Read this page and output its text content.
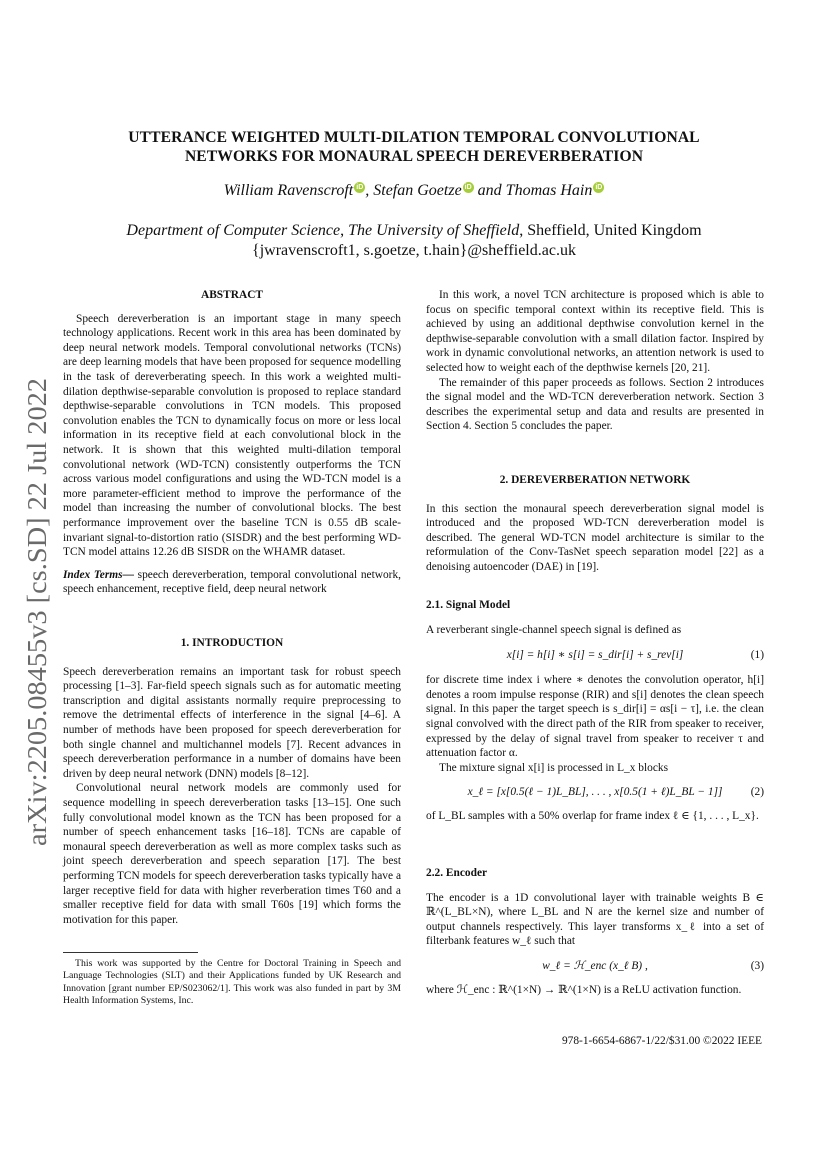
arXiv:2205.08455v3 [cs.SD] 22 Jul 2022
UTTERANCE WEIGHTED MULTI-DILATION TEMPORAL CONVOLUTIONAL
NETWORKS FOR MONAURAL SPEECH DEREVERBERATION
William Ravenscroft iD , Stefan Goetze iD and Thomas Hain iD
Department of Computer Science, The University of Sheffield, Sheffield, United Kingdom
{jwravenscroft1, s.goetze, t.hain}@sheffield.ac.uk
ABSTRACT

Speech dereverberation is an important stage in many speech technology applications. Recent work in this area has been dominated by deep neural network models. Temporal convolutional networks (TCNs) are deep learning models that have been proposed for sequence modelling in the task of dereverberating speech. In this work a weighted multi-dilation depthwise-separable convolution is proposed to replace standard depthwise-separable convolutions in TCN models. This proposed convolution enables the TCN to dynamically focus on more or less local information in its receptive field at each convolutional block in the network. It is shown that this weighted multi-dilation temporal convolutional network (WD-TCN) consistently outperforms the TCN across various model configurations and using the WD-TCN model is a more parameter-efficient method to improve the performance of the model than increasing the number of convolutional blocks. The best performance improvement over the baseline TCN is 0.55 dB scale-invariant signal-to-distortion ratio (SISDR) and the best performing WD-TCN model attains 12.26 dB SISDR on the WHAMR dataset.

Index Terms— speech dereverberation, temporal convolutional network, speech enhancement, receptive field, deep neural network

1. INTRODUCTION

Speech dereverberation remains an important task for robust speech processing [1–3]. Far-field speech signals such as for automatic meeting transcription and digital assistants normally require preprocessing to remove the detrimental effects of interference in the signal [4–6]. A number of methods have been proposed for speech dereverberation for both single channel and multichannel models [7]. Recent advances in speech dereverberation performance in a number of domains have been driven by deep neural network (DNN) models [8–12].

Convolutional neural network models are commonly used for sequence modelling in speech dereverberation tasks [13–15]. One such fully convolutional model known as the TCN has been proposed for a number of speech enhancement tasks [16–18]. TCNs are capable of monaural speech dereverberation as well as more complex tasks such as joint speech dereverberation and speech separation [17]. The best performing TCN models for speech dereverberation tasks typically have a larger receptive field for data with higher reverberation times T60 and a smaller receptive field for data with small T60s [19] which forms the motivation for this paper.

This work was supported by the Centre for Doctoral Training in Speech and Language Technologies (SLT) and their Applications funded by UK Research and Innovation [grant number EP/S023062/1]. This work was also funded in part by 3M Health Information Systems, Inc.

In this work, a novel TCN architecture is proposed which is able to focus on specific temporal context within its receptive field. This is achieved by using an additional depthwise convolution kernel in the depthwise-separable convolution with a small dilation factor. Inspired by work in dynamic convolutional networks, an attention network is used to selected how to weight each of the depthwise kernels [20, 21].

The remainder of this paper proceeds as follows. Section 2 introduces the signal model and the WD-TCN dereverberation network. Section 3 describes the experimental setup and data and results are presented in Section 4. Section 5 concludes the paper.

2. DEREVERBERATION NETWORK

In this section the monaural speech dereverberation signal model is introduced and the proposed WD-TCN dereverberation model is described. The general WD-TCN model architecture is similar to the reformulation of the Conv-TasNet speech separation model [22] as a denoising autoencoder (DAE) in [19].

2.1. Signal Model

A reverberant single-channel speech signal is defined as

x[i] = h[i] ∗ s[i] = s_dir[i] + s_rev[i]	(1)

for discrete time index i where ∗ denotes the convolution operator, h[i] denotes a room impulse response (RIR) and s[i] denotes the clean speech signal. In this paper the target speech is s_dir[i] = αs[i − τ], i.e. the clean signal convolved with the direct path of the RIR from speaker to receiver, expressed by the delay of signal travel from speaker to receiver τ and attenuation factor α.

The mixture signal x[i] is processed in L_x blocks

x_ℓ = [x[0.5(ℓ − 1)L_BL], . . . , x[0.5(1 + ℓ)L_BL − 1]] (2)

of L_BL samples with a 50% overlap for frame index ℓ ∈ {1, . . . , L_x}.

2.2. Encoder

The encoder is a 1D convolutional layer with trainable weights B ∈ ℝ^(L_BL×N), where L_BL and N are the kernel size and number of output channels respectively. This layer transforms x_ℓ into a set of filterbank features w_ℓ such that

w_ℓ = ℋ_enc (x_ℓ B) ,	(3)

where ℋ_enc : ℝ^(1×N) → ℝ^(1×N) is a ReLU activation function.

978-1-6654-6867-1/22/$31.00 ©2022 IEEE
